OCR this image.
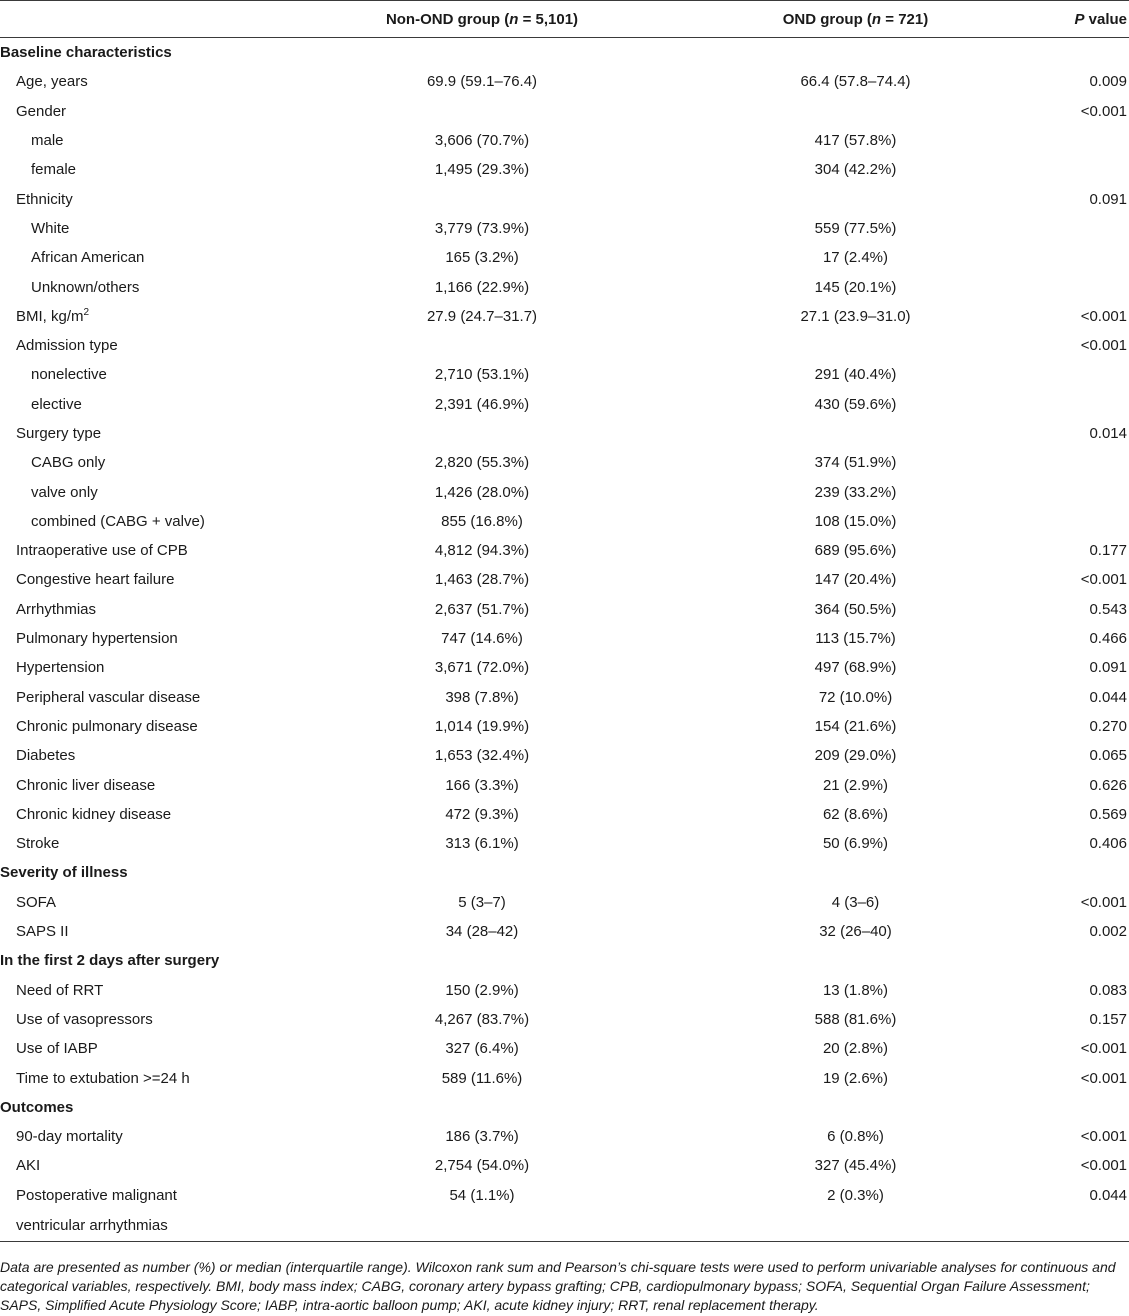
	Non-OND group (n = 5,101)	OND group (n = 721)	P value
Baseline characteristics			
Age, years	69.9 (59.1–76.4)	66.4 (57.8–74.4)	0.009
Gender			<0.001
male	3,606 (70.7%)	417 (57.8%)	
female	1,495 (29.3%)	304 (42.2%)	
Ethnicity			0.091
White	3,779 (73.9%)	559 (77.5%)	
African American	165 (3.2%)	17 (2.4%)	
Unknown/others	1,166 (22.9%)	145 (20.1%)	
BMI, $kg/m^2$	27.9 (24.7–31.7)	27.1 (23.9–31.0)	<0.001
Admission type			<0.001
nonelective	2,710 (53.1%)	291 (40.4%)	
elective	2,391 (46.9%)	430 (59.6%)	
Surgery type			0.014
CABG only	2,820 (55.3%)	374 (51.9%)	
valve only	1,426 (28.0%)	239 (33.2%)	
combined (CABG + valve)	855 (16.8%)	108 (15.0%)	
Intraoperative use of CPB	4,812 (94.3%)	689 (95.6%)	0.177
Congestive heart failure	1,463 (28.7%)	147 (20.4%)	<0.001
Arrhythmias	2,637 (51.7%)	364 (50.5%)	0.543
Pulmonary hypertension	747 (14.6%)	113 (15.7%)	0.466
Hypertension	3,671 (72.0%)	497 (68.9%)	0.091
Peripheral vascular disease	398 (7.8%)	72 (10.0%)	0.044
Chronic pulmonary disease	1,014 (19.9%)	154 (21.6%)	0.270
Diabetes	1,653 (32.4%)	209 (29.0%)	0.065
Chronic liver disease	166 (3.3%)	21 (2.9%)	0.626
Chronic kidney disease	472 (9.3%)	62 (8.6%)	0.569
Stroke	313 (6.1%)	50 (6.9%)	0.406
Severity of illness			
SOFA	5 (3–7)	4 (3–6)	<0.001
SAPS II	34 (28–42)	32 (26–40)	0.002
In the first 2 days after surgery			
Need of RRT	150 (2.9%)	13 (1.8%)	0.083
Use of vasopressors	4,267 (83.7%)	588 (81.6%)	0.157
Use of IABP	327 (6.4%)	20 (2.8%)	<0.001
Time to extubation >=24 h	589 (11.6%)	19 (2.6%)	<0.001
Outcomes			
90-day mortality	186 (3.7%)	6 (0.8%)	<0.001
AKI	2,754 (54.0%)	327 (45.4%)	<0.001
Postoperative malignant	54 (1.1%)	2 (0.3%)	0.044
ventricular arrhythmias			
Data are presented as number (%) or median (interquartile range). Wilcoxon rank sum and Pearson’s chi-square tests were used to perform univariable analyses for continuous and categorical variables, respectively. BMI, body mass index; CABG, coronary artery bypass grafting; CPB, cardiopulmonary bypass; SOFA, Sequential Organ Failure Assessment; SAPS, Simplified Acute Physiology Score; IABP, intra-aortic balloon pump; AKI, acute kidney injury; RRT, renal replacement therapy.
